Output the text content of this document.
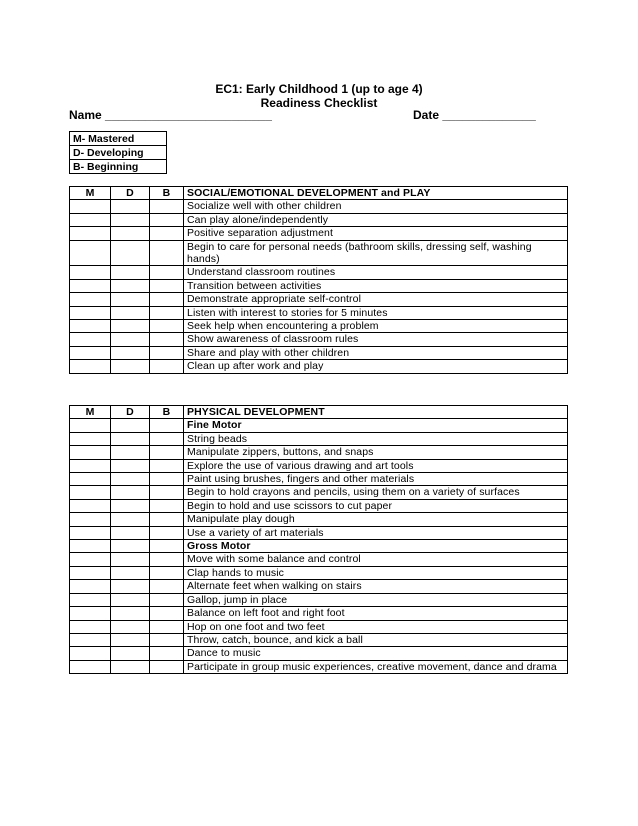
EC1: Early Childhood 1 (up to age 4)
Readiness Checklist
Name _________________________	Date ______________
M- Mastered
D- Developing
B- Beginning
M	D	B	SOCIAL/EMOTIONAL DEVELOPMENT and PLAY
			Socialize well with other children
			Can play alone/independently
			Positive separation adjustment
			Begin to care for personal needs (bathroom skills, dressing self, washing hands)
			Understand classroom routines
			Transition between activities
			Demonstrate appropriate self-control
			Listen with interest to stories for 5 minutes
			Seek help when encountering a problem
			Show awareness of classroom rules
			Share and play with other children
			Clean up after work and play
M	D	B	PHYSICAL DEVELOPMENT
			Fine Motor
			String beads
			Manipulate zippers, buttons, and snaps
			Explore the use of various drawing and art tools
			Paint using brushes, fingers and other materials
			Begin to hold crayons and pencils, using them on a variety of surfaces
			Begin to hold and use scissors to cut paper
			Manipulate play dough
			Use a variety of art materials
			Gross Motor
			Move with some balance and control
			Clap hands to music
			Alternate feet when walking on stairs
			Gallop, jump in place
			Balance on left foot and right foot
			Hop on one foot and two feet
			Throw, catch, bounce, and kick a ball
			Dance to music
			Participate in group music experiences, creative movement, dance and drama
